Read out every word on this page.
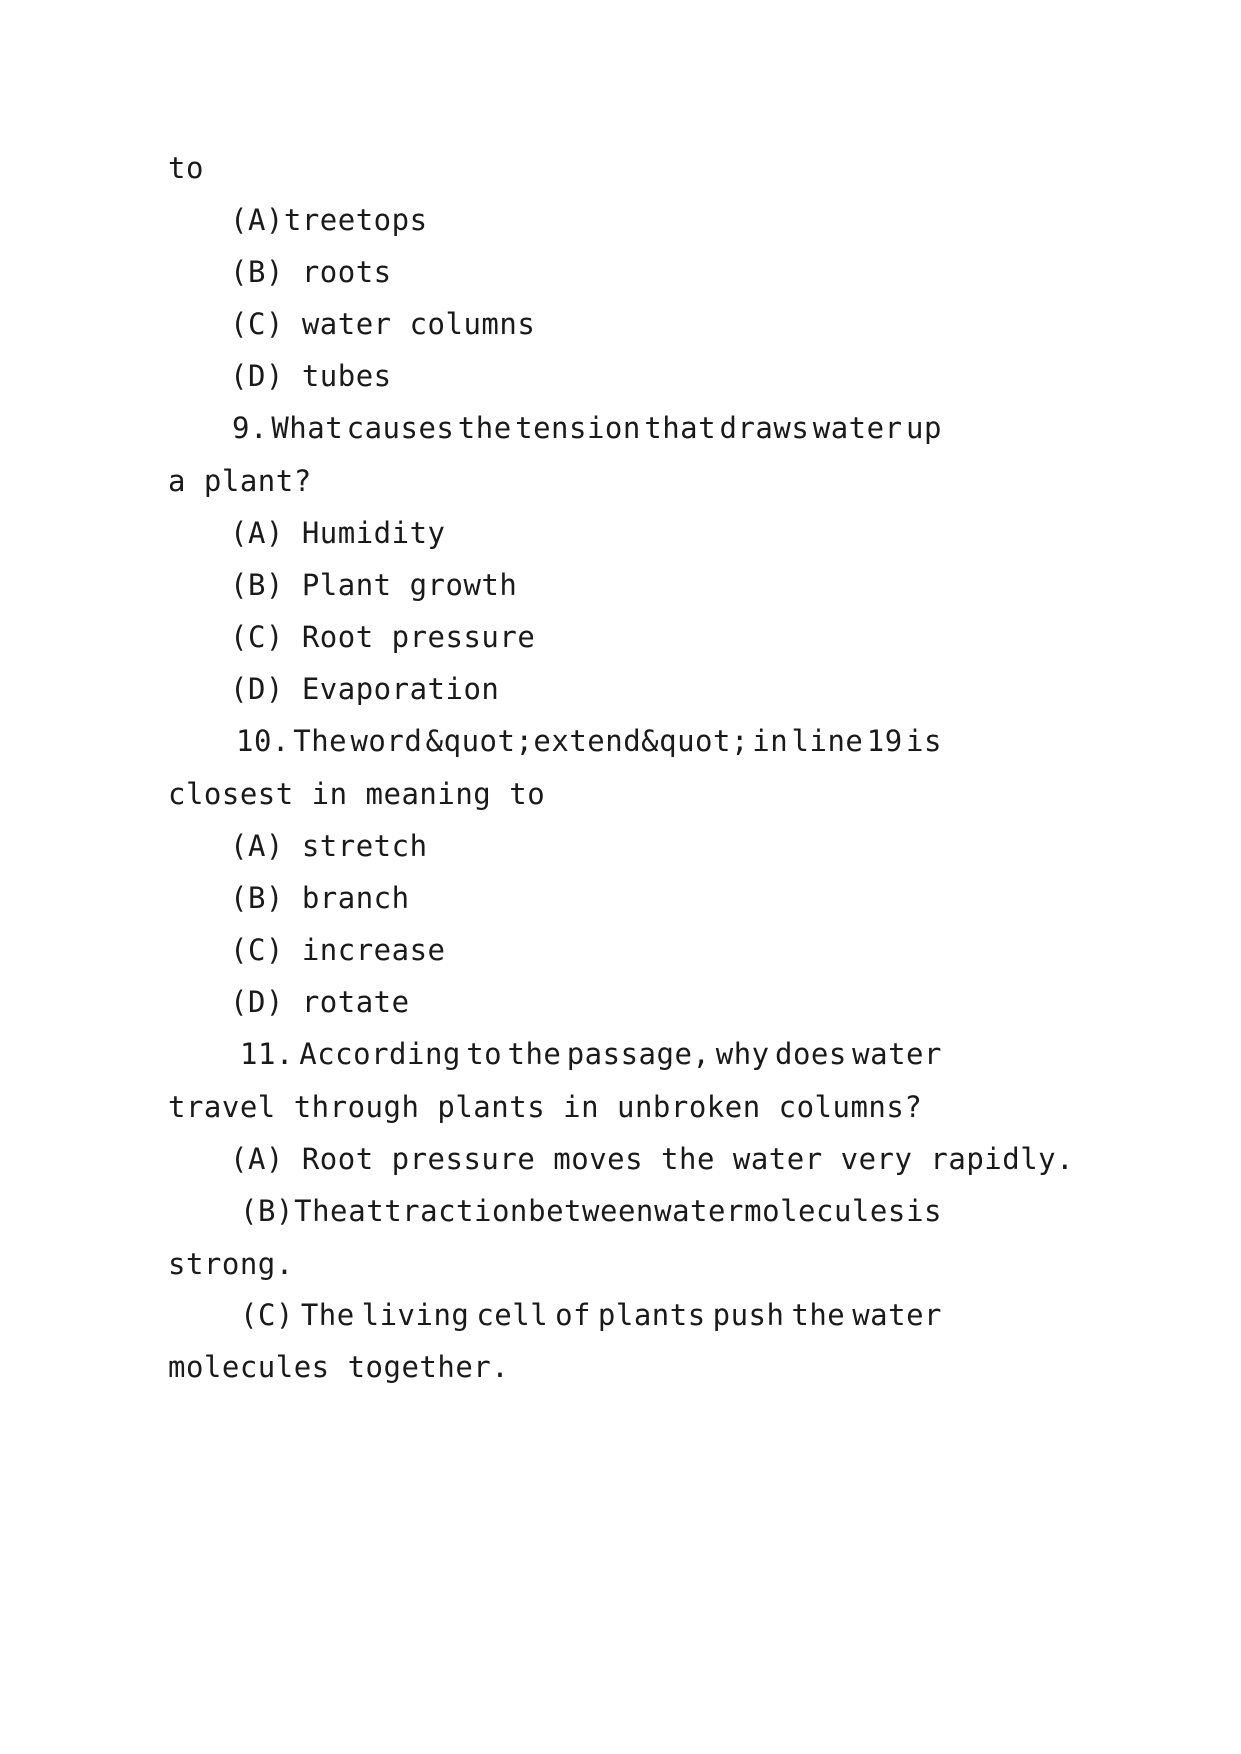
to
(A)treetops
(B) roots
(C) water columns
(D) tubes
9. What causes the tension that draws water up
a plant?
(A) Humidity
(B) Plant growth
(C) Root pressure
(D) Evaporation
10. The word &quot;extend&quot; in line 19 is
closest in meaning to
(A) stretch
(B) branch
(C) increase
(D) rotate
11. According to the passage, why does water
travel through plants in unbroken columns?
(A) Root pressure moves the water very rapidly.
(B) The attraction between water molecules is
strong.
(C) The living cell of plants push the water
molecules together.
